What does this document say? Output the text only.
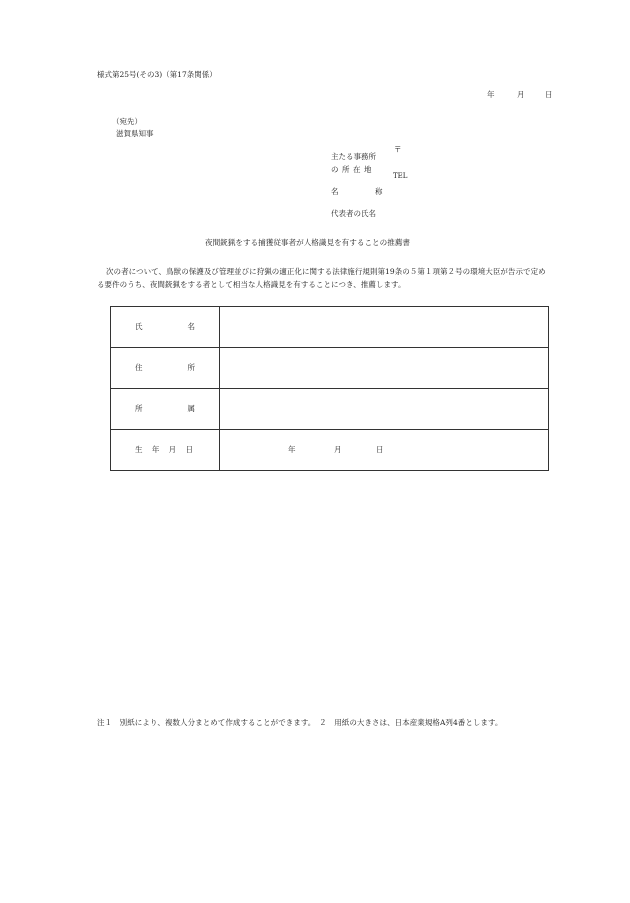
様式第25号(その3)（第17条関係）
年	月	日
（宛先）
滋賀県知事
主たる事務所
の所在地
〒
TEL
名	称
代表者の氏名
夜間銃猟をする捕獲従事者が人格識見を有することの推薦書
次の者について、鳥獣の保護及び管理並びに狩猟の適正化に関する法律施行規則第19条の５第１項第２号の環境大臣が告示で定める要件のうち、夜間銃猟をする者として相当な人格識見を有することにつき、推薦します。
氏 名	

住 所	

所 属	

生 年 月 日	年 月 日
注１　別紙により、複数人分まとめて作成することができます。　２　用紙の大きさは、日本産業規格A列4番とします。
